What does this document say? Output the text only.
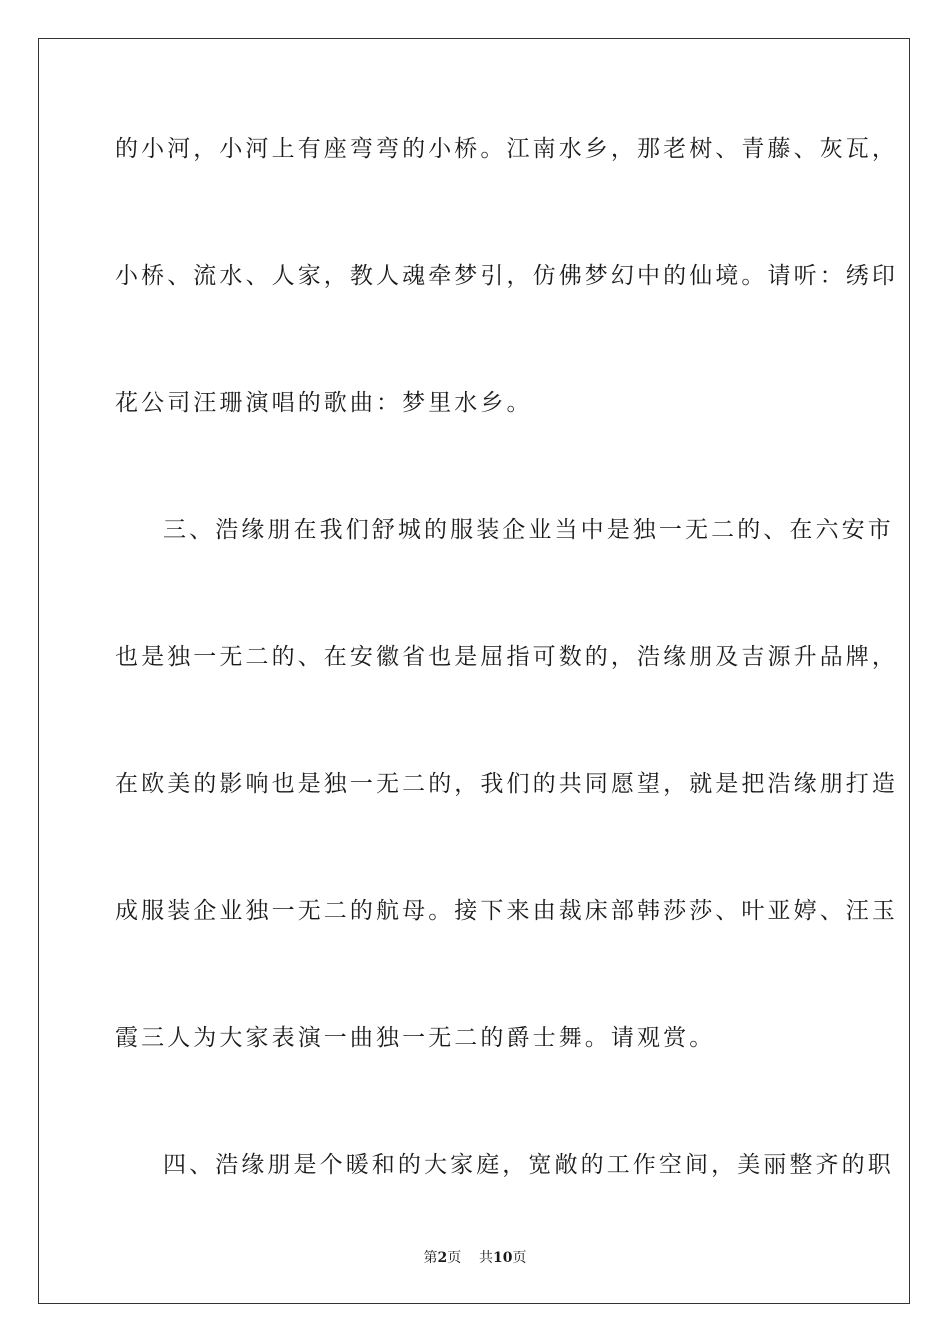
的小河，小河上有座弯弯的小桥。江南水乡，那老树、青藤、灰瓦，
小桥、流水、人家，教人魂牵梦引，仿佛梦幻中的仙境。请听：绣印
花公司汪珊演唱的歌曲：梦里水乡。
三、浩缘朋在我们舒城的服装企业当中是独一无二的、在六安市
也是独一无二的、在安徽省也是屈指可数的，浩缘朋及吉源升品牌，
在欧美的影响也是独一无二的，我们的共同愿望，就是把浩缘朋打造
成服装企业独一无二的航母。接下来由裁床部韩莎莎、叶亚婷、汪玉
霞三人为大家表演一曲独一无二的爵士舞。请观赏。
四、浩缘朋是个暖和的大家庭，宽敞的工作空间，美丽整齐的职
第2页 共10页
